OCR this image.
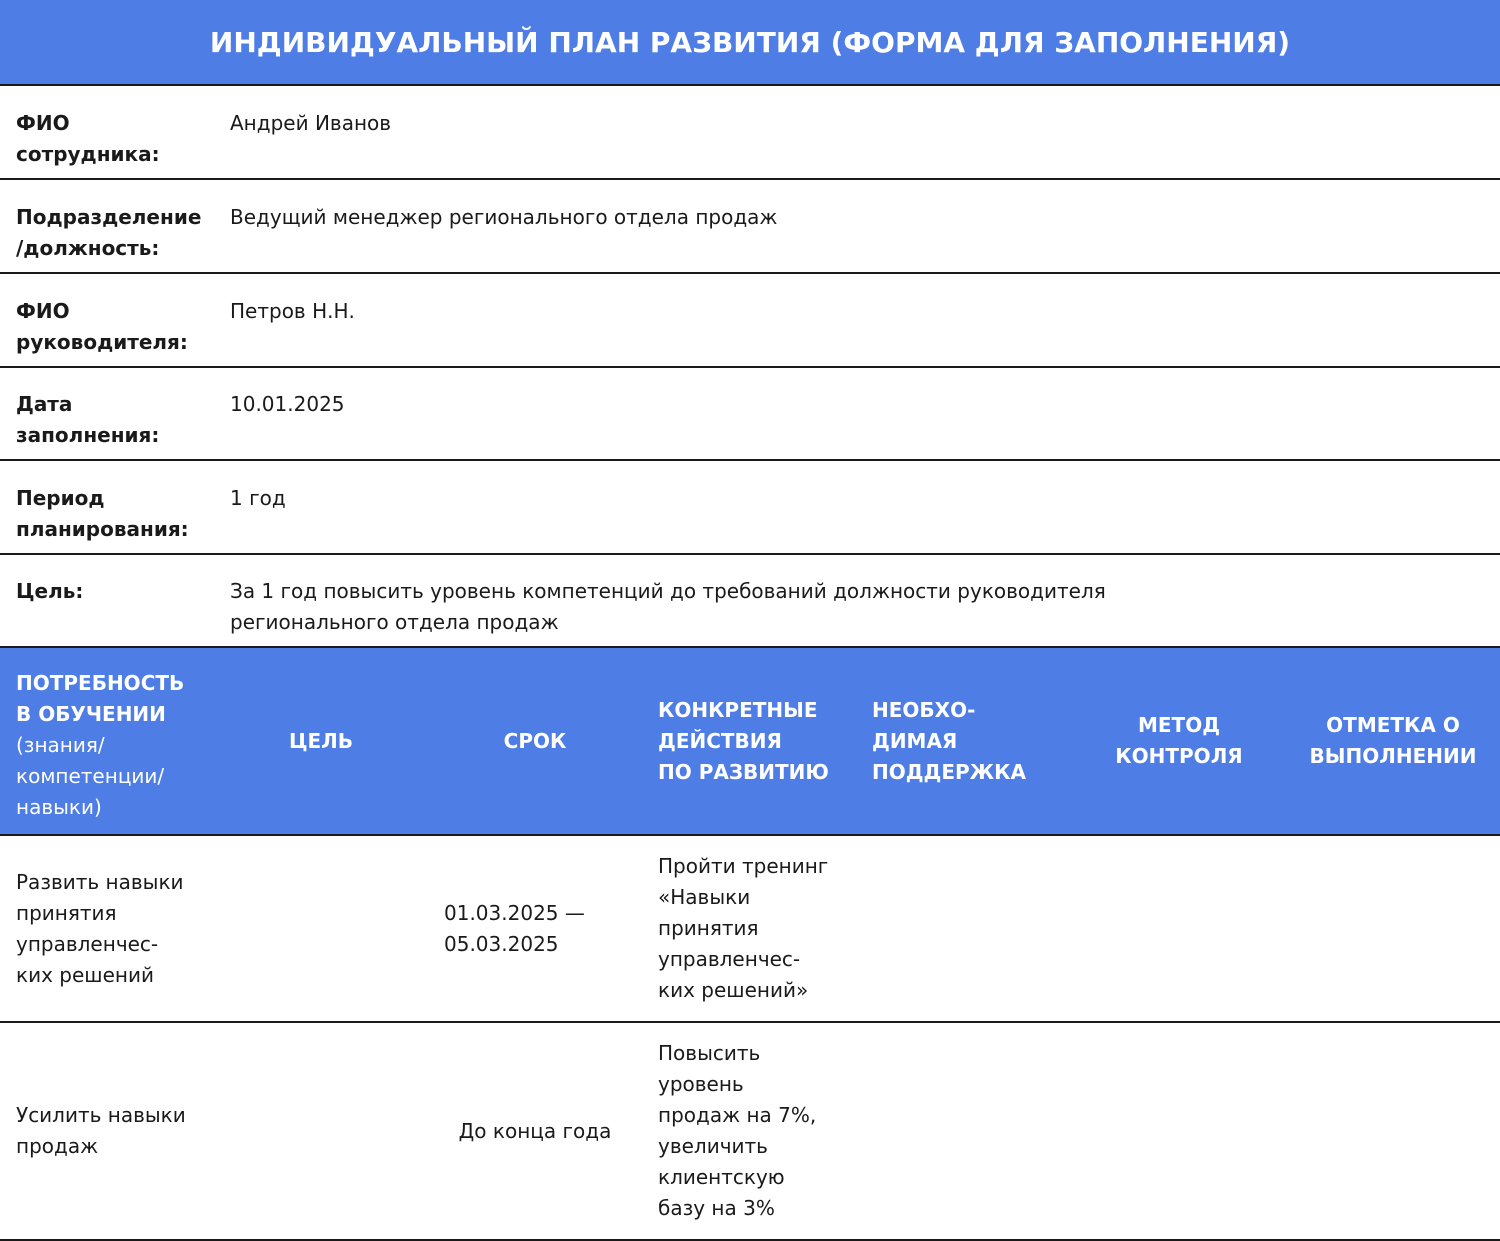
ИНДИВИДУАЛЬНЫЙ ПЛАН РАЗВИТИЯ (ФОРМА ДЛЯ ЗАПОЛНЕНИЯ)
ФИО
сотрудника:
Андрей Иванов
Подразделение
/должность:
Ведущий менеджер регионального отдела продаж
ФИО
руководителя:
Петров Н.Н.
Дата
заполнения:
10.01.2025
Период
планирования:
1 год
Цель:	За 1 год повысить уровень компетенций до требований должности руководителя
регионального отдела продаж
ПОТРЕБНОСТЬ
В ОБУЧЕНИИ
(знания/
компетенции/
навыки)
ЦЕЛЬ	СРОК
КОНКРЕТНЫЕ
ДЕЙСТВИЯ
ПО РАЗВИТИЮ
НЕОБХО-
ДИМАЯ
ПОДДЕРЖКА
МЕТОД
КОНТРОЛЯ
ОТМЕТКА О
ВЫПОЛНЕНИИ
Развить навыки
принятия
управленчес-
ких решений
01.03.2025 —
05.03.2025
Пройти тренинг
«Навыки
принятия
управленчес-
ких решений»
Усилить навыки
продаж
До конца года
Повысить
уровень
продаж на 7%,
увеличить
клиентскую
базу на 3%
